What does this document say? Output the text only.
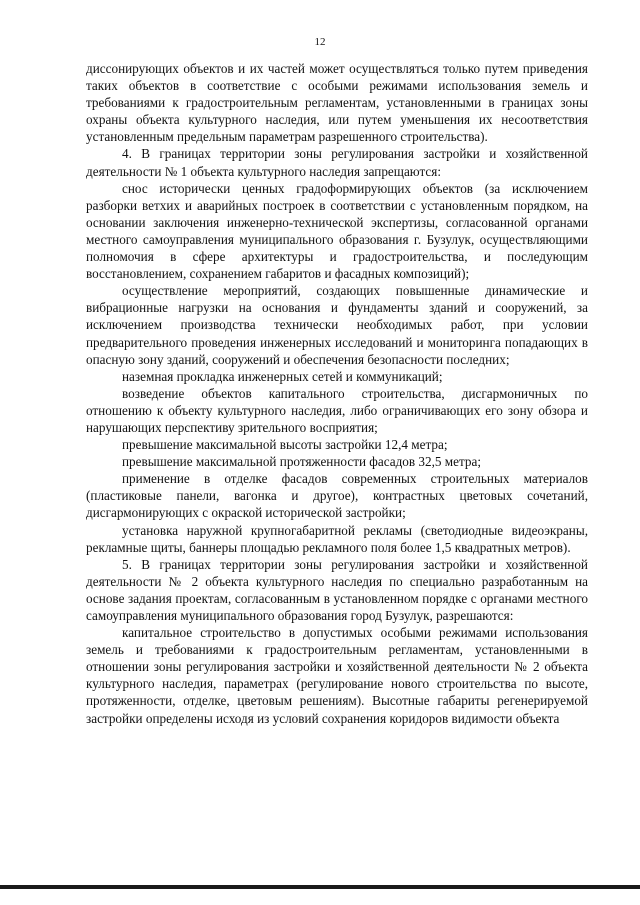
12

диссонирующих объектов и их частей может осуществляться только путем приведения таких объектов в соответствие с особыми режимами использования земель и требованиями к градостроительным регламентам, установленными в границах зоны охраны объекта культурного наследия, или путем уменьшения их несоответствия установленным предельным параметрам разрешенного строительства).

4. В границах территории зоны регулирования застройки и хозяйственной деятельности № 1 объекта культурного наследия запрещаются:

снос исторически ценных градоформирующих объектов (за исключением разборки ветхих и аварийных построек в соответствии с установленным порядком, на основании заключения инженерно-технической экспертизы, согласованной органами местного самоуправления муниципального образования г. Бузулук, осуществляющими полномочия в сфере архитектуры и градостроительства, и последующим восстановлением, сохранением габаритов и фасадных композиций);

осуществление мероприятий, создающих повышенные динамические и вибрационные нагрузки на основания и фундаменты зданий и сооружений, за исключением производства технически необходимых работ, при условии предварительного проведения инженерных исследований и мониторинга попадающих в опасную зону зданий, сооружений и обеспечения безопасности последних;

наземная прокладка инженерных сетей и коммуникаций;

возведение объектов капитального строительства, дисгармоничных по отношению к объекту культурного наследия, либо ограничивающих его зону обзора и нарушающих перспективу зрительного восприятия;

превышение максимальной высоты застройки 12,4 метра;

превышение максимальной протяженности фасадов 32,5 метра;

применение в отделке фасадов современных строительных материалов (пластиковые панели, вагонка и другое), контрастных цветовых сочетаний, дисгармонирующих с окраской исторической застройки;

установка наружной крупногабаритной рекламы (светодиодные видеоэкраны, рекламные щиты, баннеры площадью рекламного поля более 1,5 квадратных метров).

5. В границах территории зоны регулирования застройки и хозяйственной деятельности № 2 объекта культурного наследия по специально разработанным на основе задания проектам, согласованным в установленном порядке с органами местного самоуправления муниципального образования город Бузулук, разрешаются:

капитальное строительство в допустимых особыми режимами использования земель и требованиями к градостроительным регламентам, установленными в отношении зоны регулирования застройки и хозяйственной деятельности № 2 объекта культурного наследия, параметрах (регулирование нового строительства по высоте, протяженности, отделке, цветовым решениям). Высотные габариты регенерируемой застройки определены исходя из условий сохранения коридоров видимости объекта
